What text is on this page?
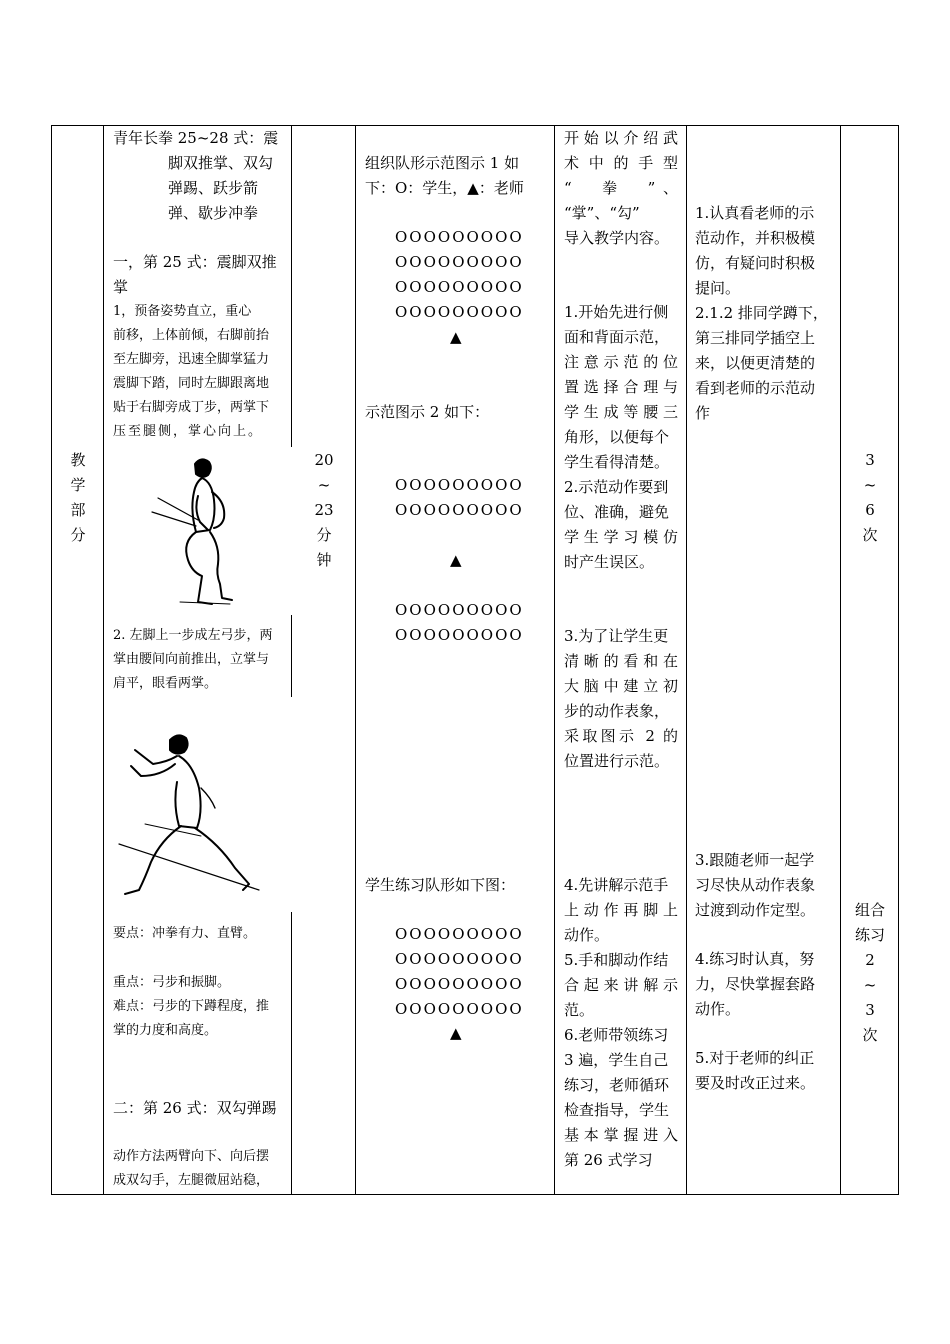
教
学
部
分
青年长拳 25~28 式：震
脚双推掌、双勾
弹踢、跃步箭
弹、歇步冲拳
一，第 25 式：震脚双推
掌
1，预备姿势直立，重心
前移，上体前倾，右脚前抬
至左脚旁，迅速全脚掌猛力
震脚下踏，同时左脚跟离地
贴于右脚旁成丁步，两掌下
压至腿侧，掌心向上。
2. 左脚上一步成左弓步，两
掌由腰间向前推出，立掌与
肩平，眼看两掌。
要点：冲拳有力、直臂。
重点：弓步和振脚。
难点：弓步的下蹲程度，推
掌的力度和高度。
二：第 26 式：双勾弹踢
动作方法两臂向下、向后摆
成双勾手，左腿微屈站稳，
20
~
23
分
钟
组织队形示范图示 1 如
下：O：学生，▲：老师
OOOOOOOOO
OOOOOOOOO
OOOOOOOOO
OOOOOOOOO
▲
示范图示 2 如下：
OOOOOOOOO
OOOOOOOOO
▲
OOOOOOOOO
OOOOOOOOO
学生练习队形如下图：
OOOOOOOOO
OOOOOOOOO
OOOOOOOOO
OOOOOOOOO
▲
开始以介绍武
术中的手型
“　拳　”、
“掌”、“勾”
导入教学内容。
1.开始先进行侧
面和背面示范，
注意示范的位
置选择合理与
学生成等腰三
角形，以便每个
学生看得清楚。
2.示范动作要到
位、准确，避免
学生学习模仿
时产生误区。
3.为了让学生更
清晰的看和在
大脑中建立初
步的动作表象，
采取图示 2 的
位置进行示范。
4.先讲解示范手
上动作再脚上
动作。
5.手和脚动作结
合起来讲解示
范。
6.老师带领练习
3 遍，学生自己
练习，老师循环
检查指导，学生
基本掌握进入
第 26 式学习
1.认真看老师的示
范动作，并积极模
仿，有疑问时积极
提问。
2.1.2 排同学蹲下，
第三排同学插空上
来，以便更清楚的
看到老师的示范动
作
3.跟随老师一起学
习尽快从动作表象
过渡到动作定型。
4.练习时认真，努
力，尽快掌握套路
动作。
5.对于老师的纠正
要及时改正过来。
3
~
6
次
组合
练习
2
~
3
次
